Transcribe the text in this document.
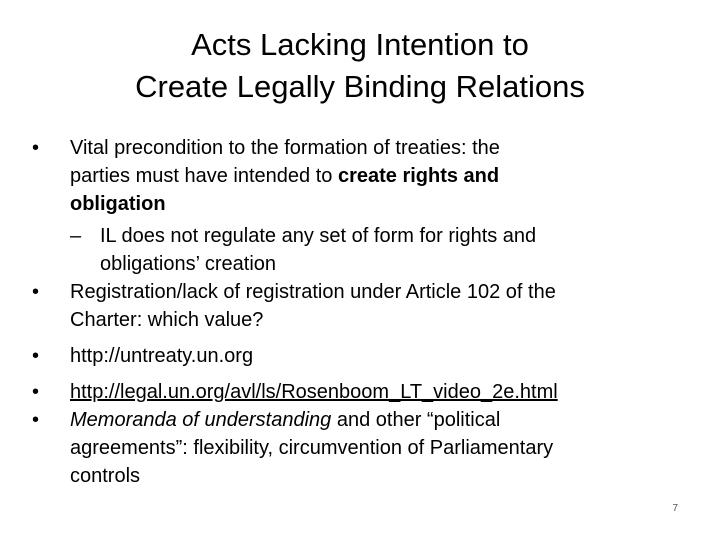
Acts Lacking Intention to
Create Legally Binding Relations
•	Vital precondition to the formation of treaties: the
parties must have intended to create rights and
obligation
– IL does not regulate any set of form for rights and
obligations’ creation
•	Registration/lack of registration under Article 102 of the
Charter: which value?
•	http://untreaty.un.org
•	http://legal.un.org/avl/ls/Rosenboom_LT_video_2e.html
•	Memoranda of understanding and other “political
agreements”: flexibility, circumvention of Parliamentary
controls
7
